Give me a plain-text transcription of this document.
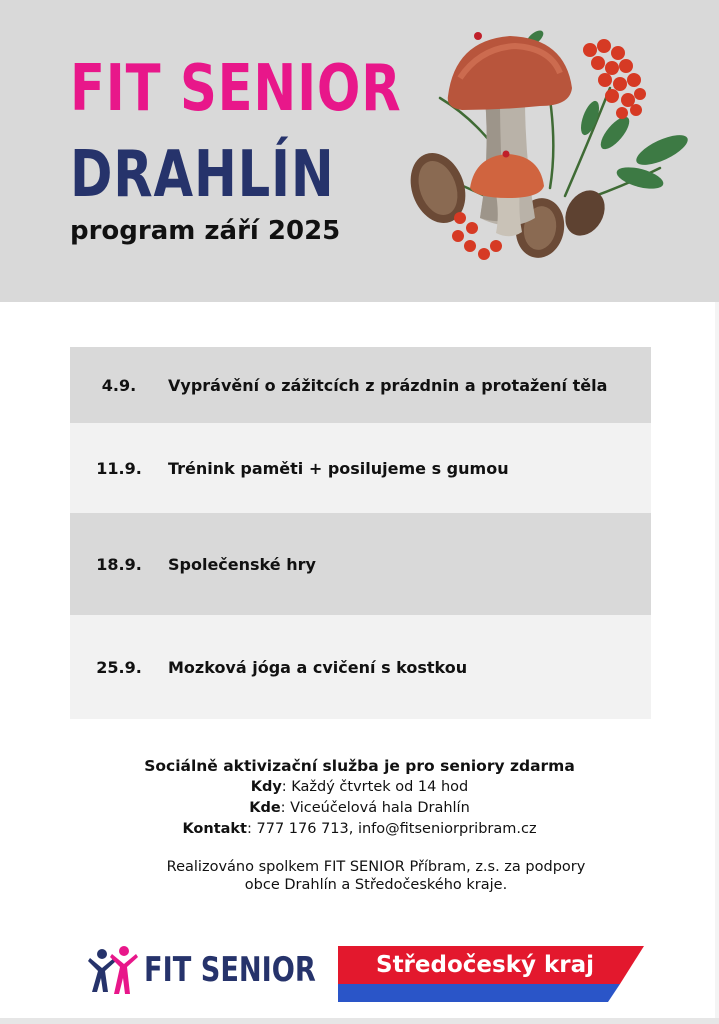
FIT SENIOR
DRAHLÍN
program září 2025
4.9.	Vyprávění o zážitcích z prázdnin a protažení těla
11.9.	Trénink paměti + posilujeme s gumou
18.9.	Společenské hry
25.9.	Mozková jóga a cvičení s kostkou
Sociálně aktivizační služba je pro seniory zdarma
Kdy: Každý čtvrtek od 14 hod
Kde: Viceúčelová hala Drahlín
Kontakt: 777 176 713, info@fitseniorpribram.cz
Realizováno spolkem FIT SENIOR Příbram, z.s. za podpory
obce Drahlín a Středočeského kraje.
FIT SENIOR	Středočeský kraj
